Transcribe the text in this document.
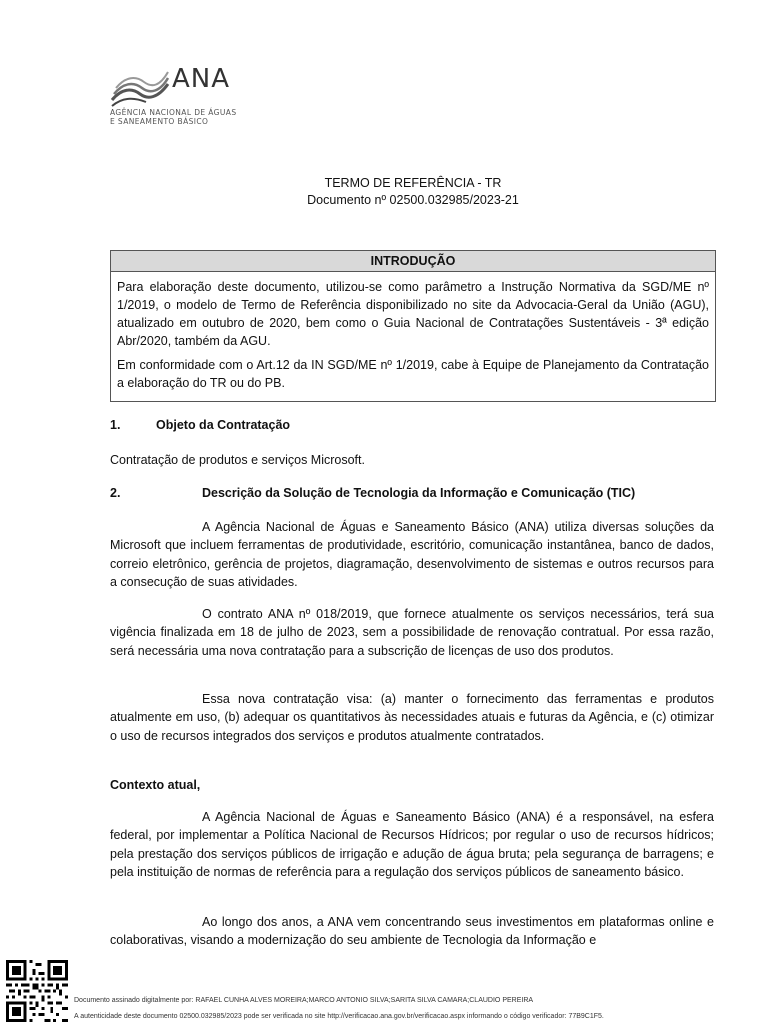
ANA
AGÊNCIA NACIONAL DE ÁGUAS
E SANEAMENTO BÁSICO
TERMO DE REFERÊNCIA - TR
Documento nº 02500.032985/2023-21
INTRODUÇÃO

Para elaboração deste documento, utilizou-se como parâmetro a Instrução Normativa da SGD/ME nº 1/2019, o modelo de Termo de Referência disponibilizado no site da Advocacia-Geral da União (AGU), atualizado em outubro de 2020, bem como o Guia Nacional de Contratações Sustentáveis - 3ª edição Abr/2020, também da AGU.

Em conformidade com o Art.12 da IN SGD/ME nº 1/2019, cabe à Equipe de Planejamento da Contratação a elaboração do TR ou do PB.

1.	Objeto da Contratação

Contratação de produtos e serviços Microsoft.

2.	Descrição da Solução de Tecnologia da Informação e Comunicação (TIC)

A Agência Nacional de Águas e Saneamento Básico (ANA) utiliza diversas soluções da Microsoft que incluem ferramentas de produtividade, escritório, comunicação instantânea, banco de dados, correio eletrônico, gerência de projetos, diagramação, desenvolvimento de sistemas e outros recursos para a consecução de suas atividades.

O contrato ANA nº 018/2019, que fornece atualmente os serviços necessários, terá sua vigência finalizada em 18 de julho de 2023, sem a possibilidade de renovação contratual. Por essa razão, será necessária uma nova contratação para a subscrição de licenças de uso dos produtos.

Essa nova contratação visa: (a) manter o fornecimento das ferramentas e produtos atualmente em uso, (b) adequar os quantitativos às necessidades atuais e futuras da Agência, e (c) otimizar o uso de recursos integrados dos serviços e produtos atualmente contratados.

Contexto atual,

A Agência Nacional de Águas e Saneamento Básico (ANA) é a responsável, na esfera federal, por implementar a Política Nacional de Recursos Hídricos; por regular o uso de recursos hídricos; pela prestação dos serviços públicos de irrigação e adução de água bruta; pela segurança de barragens; e pela instituição de normas de referência para a regulação dos serviços públicos de saneamento básico.

Ao longo dos anos, a ANA vem concentrando seus investimentos em plataformas online e colaborativas, visando a modernização do seu ambiente de Tecnologia da Informação e

Documento assinado digitalmente por: RAFAEL CUNHA ALVES MOREIRA;MARCO ANTONIO SILVA;SARITA SILVA CAMARA;CLAUDIO PEREIRA
A autenticidade deste documento 02500.032985/2023 pode ser verificada no site http://verificacao.ana.gov.br/verificacao.aspx informando o código verificador: 77B9C1F5.
